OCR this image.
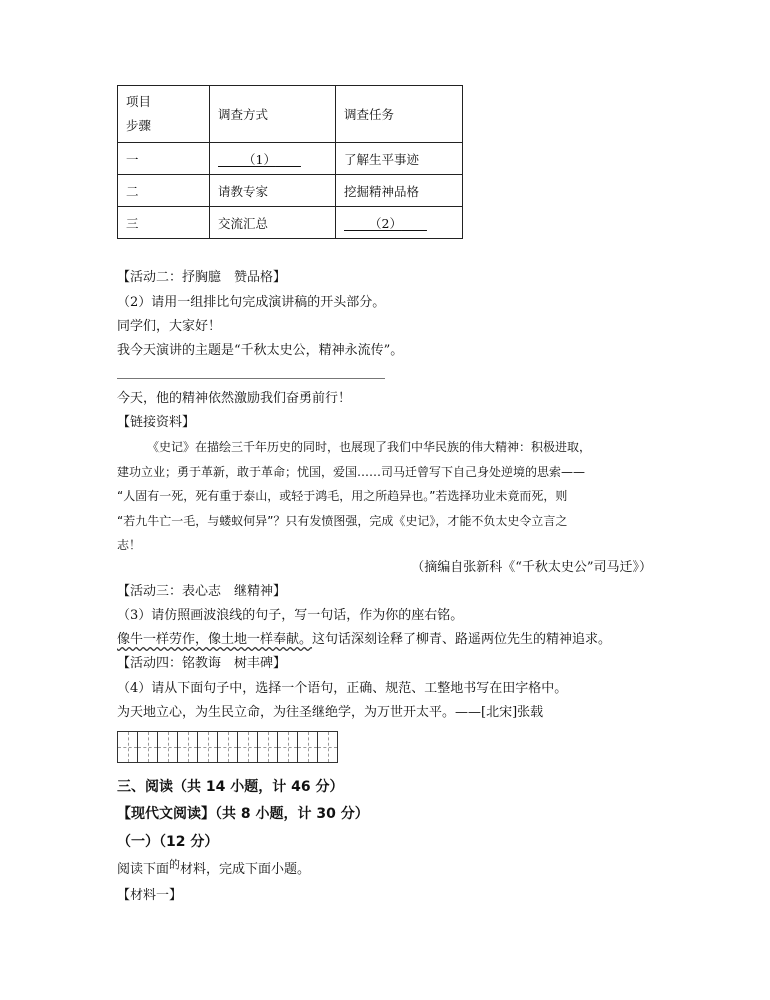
项目
步骤	调查方式	调查任务
一	  （1）  	了解生平事迹
二	请教专家	挖掘精神品格
三	交流汇总	  （2）  
【活动二：抒胸臆　赞品格】
（2）请用一组排比句完成演讲稿的开头部分。
同学们，大家好！
我今天演讲的主题是“千秋太史公，精神永流传”。
今天，他的精神依然激励我们奋勇前行！
【链接资料】
《史记》在描绘三千年历史的同时，也展现了我们中华民族的伟大精神：积极进取，
建功立业；勇于革新，敢于革命；忧国，爱国……司马迁曾写下自己身处逆境的思索——
“人固有一死，死有重于泰山，或轻于鸿毛，用之所趋异也。”若选择功业未竟而死，则
“若九牛亡一毛，与蝼蚁何异”？只有发愤图强，完成《史记》，才能不负太史令立言之
志！
（摘编自张新科《“千秋太史公”司马迁》）
【活动三：表心志　继精神】
（3）请仿照画波浪线的句子，写一句话，作为你的座右铭。
像牛一样劳作，像土地一样奉献。这句话深刻诠释了柳青、路遥两位先生的精神追求。
【活动四：铭教诲　树丰碑】
（4）请从下面句子中，选择一个语句，正确、规范、工整地书写在田字格中。
为天地立心，为生民立命，为往圣继绝学，为万世开太平。——[北宋]张载
三、阅读（共 14 小题，计 46 分）
【现代文阅读】（共 8 小题，计 30 分）
（一）（12 分）
阅读下面$^的$材料，完成下面小题。
【材料一】
